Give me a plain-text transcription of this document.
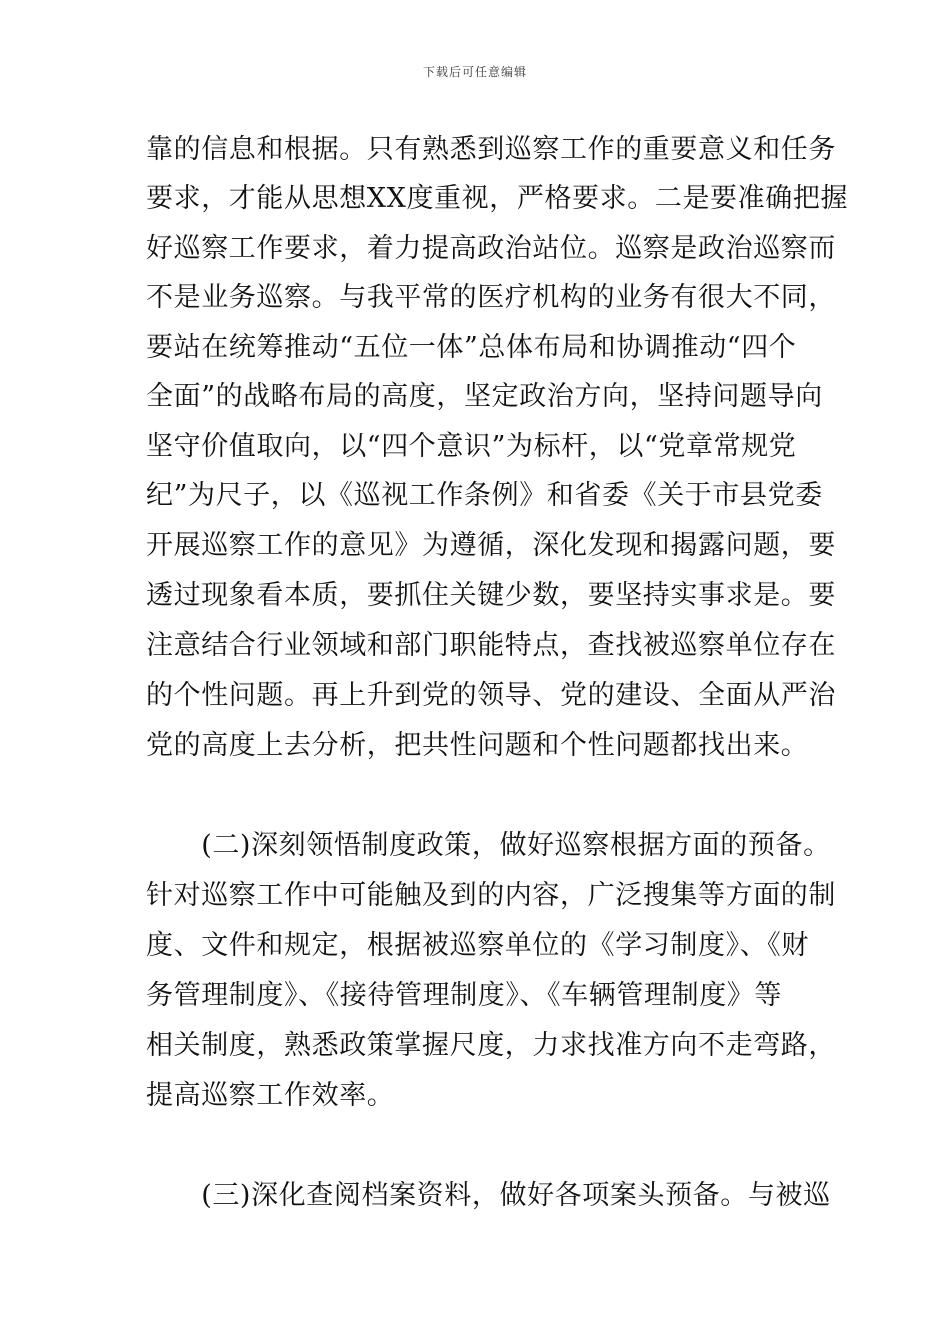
下载后可任意编辑
靠的信息和根据。只有熟悉到巡察工作的重要意义和任务
要求，才能从思想XX度重视，严格要求。二是要准确把握
好巡察工作要求，着力提高政治站位。巡察是政治巡察而
不是业务巡察。与我平常的医疗机构的业务有很大不同，
要站在统筹推动“五位一体”总体布局和协调推动“四个
全面”的战略布局的高度，坚定政治方向，坚持问题导向
坚守价值取向，以“四个意识”为标杆，以“党章常规党
纪”为尺子，以《巡视工作条例》和省委《关于市县党委
开展巡察工作的意见》为遵循，深化发现和揭露问题，要
透过现象看本质，要抓住关键少数，要坚持实事求是。要
注意结合行业领域和部门职能特点，查找被巡察单位存在
的个性问题。再上升到党的领导、党的建设、全面从严治
党的高度上去分析，把共性问题和个性问题都找出来。
　　(二)深刻领悟制度政策，做好巡察根据方面的预备。
针对巡察工作中可能触及到的内容，广泛搜集等方面的制
度、文件和规定，根据被巡察单位的《学习制度》、《财
务管理制度》、《接待管理制度》、《车辆管理制度》等
相关制度，熟悉政策掌握尺度，力求找准方向不走弯路，
提高巡察工作效率。
　　(三)深化查阅档案资料，做好各项案头预备。与被巡
